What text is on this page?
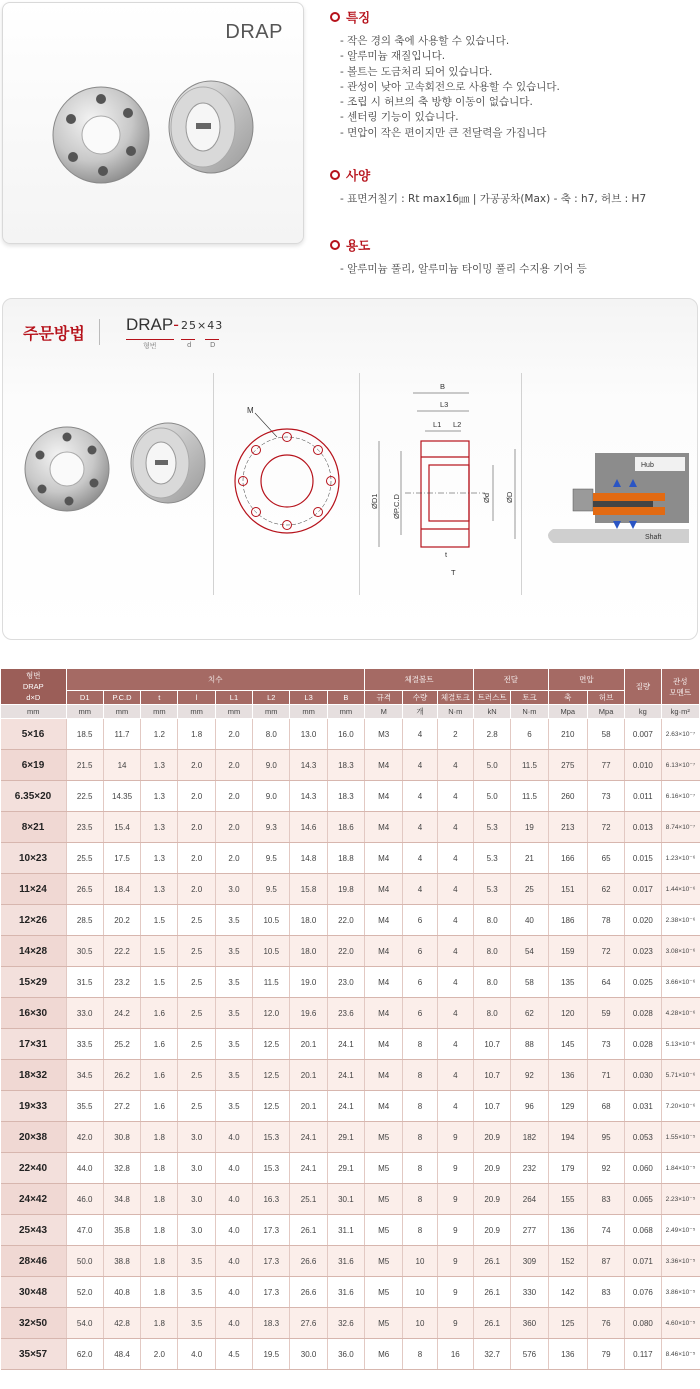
DRAP
특징
- 작은 경의 축에 사용할 수 있습니다.
- 알루미늄 재질입니다.
- 볼트는 도금처리 되어 있습니다.
- 관성이 낮아 고속회전으로 사용할 수 있습니다.
- 조립 시 허브의 축 방향 이동이 없습니다.
- 센터링 기능이 있습니다.
- 면압이 작은 편이지만 큰 전달력을 가집니다
사양
- 표면거칠기 : Rt max16㎛ | 가공공차(Max) - 축 : h7, 허브 : H7
용도
- 알루미늄 풀리, 알루미늄 타이밍 풀리 수지용 기어 등
주문방법 DRAP- 25×43
형번	d	D
M
B
L3
L1 L2
T
t
ØD1 ØP.C.D	Ød ØD
Hub
Shaft
형번
DRAP
d×D	치수								체결볼트			전달		면압		질량	관성
모멘트
	D1	P.C.D	t	l	L1	L2	L3	B	규격	수량	체결토크	트러스트	토크	축	허브		
mm	mm	mm	mm	mm	mm	mm	mm	mm	M	개	N·m	kN	N·m	Mpa	Mpa	kg	kg·m²
5×16	18.5	11.7	1.2	1.8	2.0	8.0	13.0	16.0	M3	4	2	2.8	6	210	58	0.007	2.63×10⁻⁷
6×19	21.5	14	1.3	2.0	2.0	9.0	14.3	18.3	M4	4	4	5.0	11.5	275	77	0.010	6.13×10⁻⁷
6.35×20	22.5	14.35	1.3	2.0	2.0	9.0	14.3	18.3	M4	4	4	5.0	11.5	260	73	0.011	6.16×10⁻⁷
8×21	23.5	15.4	1.3	2.0	2.0	9.3	14.6	18.6	M4	4	4	5.3	19	213	72	0.013	8.74×10⁻⁷
10×23	25.5	17.5	1.3	2.0	2.0	9.5	14.8	18.8	M4	4	4	5.3	21	166	65	0.015	1.23×10⁻⁶
11×24	26.5	18.4	1.3	2.0	3.0	9.5	15.8	19.8	M4	4	4	5.3	25	151	62	0.017	1.44×10⁻⁶
12×26	28.5	20.2	1.5	2.5	3.5	10.5	18.0	22.0	M4	6	4	8.0	40	186	78	0.020	2.38×10⁻⁶
14×28	30.5	22.2	1.5	2.5	3.5	10.5	18.0	22.0	M4	6	4	8.0	54	159	72	0.023	3.08×10⁻⁶
15×29	31.5	23.2	1.5	2.5	3.5	11.5	19.0	23.0	M4	6	4	8.0	58	135	64	0.025	3.66×10⁻⁶
16×30	33.0	24.2	1.6	2.5	3.5	12.0	19.6	23.6	M4	6	4	8.0	62	120	59	0.028	4.28×10⁻⁶
17×31	33.5	25.2	1.6	2.5	3.5	12.5	20.1	24.1	M4	8	4	10.7	88	145	73	0.028	5.13×10⁻⁶
18×32	34.5	26.2	1.6	2.5	3.5	12.5	20.1	24.1	M4	8	4	10.7	92	136	71	0.030	5.71×10⁻⁶
19×33	35.5	27.2	1.6	2.5	3.5	12.5	20.1	24.1	M4	8	4	10.7	96	129	68	0.031	7.20×10⁻⁶
20×38	42.0	30.8	1.8	3.0	4.0	15.3	24.1	29.1	M5	8	9	20.9	182	194	95	0.053	1.55×10⁻⁵
22×40	44.0	32.8	1.8	3.0	4.0	15.3	24.1	29.1	M5	8	9	20.9	232	179	92	0.060	1.84×10⁻⁵
24×42	46.0	34.8	1.8	3.0	4.0	16.3	25.1	30.1	M5	8	9	20.9	264	155	83	0.065	2.23×10⁻⁵
25×43	47.0	35.8	1.8	3.0	4.0	17.3	26.1	31.1	M5	8	9	20.9	277	136	74	0.068	2.49×10⁻⁵
28×46	50.0	38.8	1.8	3.5	4.0	17.3	26.6	31.6	M5	10	9	26.1	309	152	87	0.071	3.36×10⁻⁵
30×48	52.0	40.8	1.8	3.5	4.0	17.3	26.6	31.6	M5	10	9	26.1	330	142	83	0.076	3.86×10⁻⁵
32×50	54.0	42.8	1.8	3.5	4.0	18.3	27.6	32.6	M5	10	9	26.1	360	125	76	0.080	4.60×10⁻⁵
35×57	62.0	48.4	2.0	4.0	4.5	19.5	30.0	36.0	M6	8	16	32.7	576	136	79	0.117	8.46×10⁻⁵
